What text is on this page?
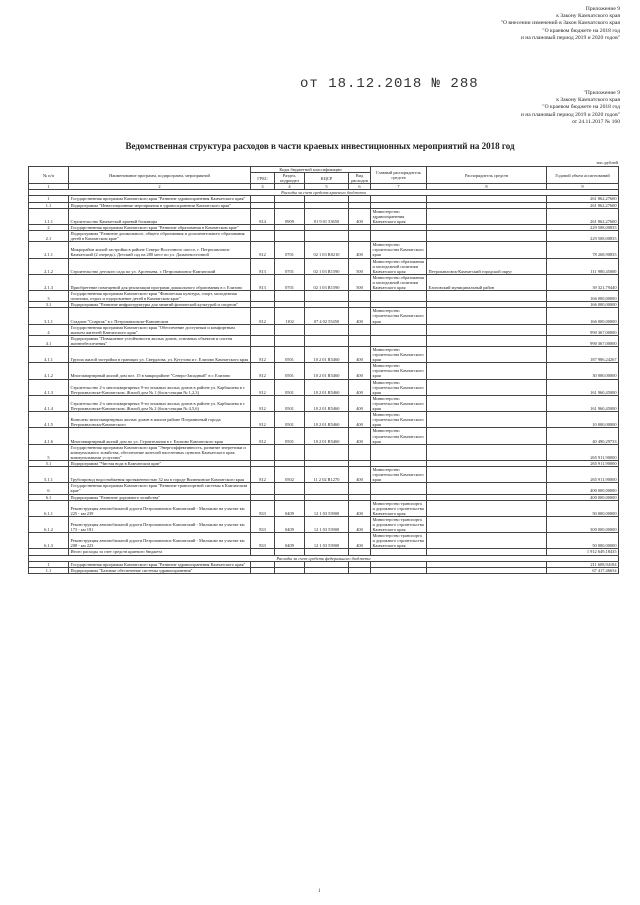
Приложение 9
к Закону Камчатского края
"О внесении изменений в Закон Камчатского края
"О краевом бюджете на 2018 год
и на плановый период 2019 и 2020 годов"
от 18.12.2018 № 288
"Приложение 9
к Закону Камчатского края
"О краевом бюджете на 2018 год
и на плановый период 2019 и 2020 годов"
от 24.11.2017 № 160
Ведомственная структура расходов в части краевых инвестиционных мероприятий на 2018 год
тыс.рублей
№ п/п	Наименование программ, подпрограмм, мероприятий	Коды бюджетной классификации				Главный распорядитель средств	Распорядитель средств	Годовой объем ассигнований
		ГРБС	Раздел, подраздел	КЦСР	Вид расходов			
1	2	3	4	5	6	7	8	9
Расходы за счет средств краевого бюджета								
1	Государственная программа Камчатского края "Развитие здравоохранения Камчатского края"							261 862,27600
1.1	Подпрограмма "Инвестиционные мероприятия в здравоохранении Камчатского края"							261 862,27600
1.1.1	Строительство Камчатской краевой больницы	814	0909	01 9 01 53650	400	Министерство здравоохранения Камчатского края		261 862,27600
2	Государственная программа Камчатского края "Развитие образования в Камчатском крае"							229 508,00835
2.1	Подпрограмма "Развитие дошкольного, общего образования и дополнительного образования детей в Камчатском крае"							229 508,00835
2.1.1	Микрорайон жилой застройки в районе Северо-Восточного шоссе, г. Петропавловск-Камчатский (2 очередь). Детский сад на 280 мест по ул. Дальневосточной	812	0701	02 1 03 R0210	400	Министерство строительства Камчатского края		78 268,90835
2.1.2	Строительство детского сада по ул. Арсеньева, г. Петропавловск-Камчатский	813	0701	02 1 03 R1590	500	Министерство образования и молодежной политики Камчатского края	Петропавловск-Камчатский городской округ	111 980,45000
2.1.3	Приобретение помещений для реализации программ дошкольного образования в г. Елизово	813	0701	02 1 03 R1590	500	Министерство образования и молодежной политики Камчатского края	Елизовский муниципальный район	39 321,79440
3	Государственная программа Камчатского края "Физическая культура, спорт, молодежная политика, отдых и оздоровление детей в Камчатском крае"							166 000,00000
3.1	Подпрограмма "Развитие инфраструктуры для занятий физической культурой и спортом"							166 000,00000
3.1.1	Стадион "Спартак" в г. Петропавловске-Камчатском	812	1102	07 4 02 55450	400	Министерство строительства Камчатского края		166 000,00000
4	Государственная программа Камчатского края "Обеспечение доступным и комфортным жильем жителей Камчатского края"							990 367,00000
4.1	Подпрограмма "Повышение устойчивости жилых домов, основных объектов и систем жизнеобеспечения"							990 367,00000
4.1.1	Группа жилой застройки в границах ул. Свердлова, ул. Кутузова и г. Елизово Камчатского края	812	0501	10 2 01 R5460	400	Министерство строительства Камчатского края		187 986,24267
4.1.2	Многоквартирный жилой дом поз. 15 в микрорайоне "Северо-Западный" в г. Елизово	812	0501	10 2 01 R5460	400	Министерство строительства Камчатского края		30 000,00000
4.1.3	Строительство 2-х многоквартирных 9-ти этажных жилых домов в районе ул. Карбышева в г. Петропавловске-Камчатском. Жилой дом № 1 (блок-секции № 1,2,3)	812	0501	10 2 01 R5460	400	Министерство строительства Камчатского края		161 960,45000
4.1.4	Строительство 2-х многоквартирных 9-ти этажных жилых домов в районе ул. Карбышева в г. Петропавловске-Камчатском. Жилой дом № 2 (блок-секции № 4,5,6)	812	0501	10 2 01 R5460	400	Министерство строительства Камчатского края		161 960,45000
4.1.5	Комплекс многоквартирных жилых домов в жилом районе Пограничный города Петропавловска-Камчатского	812	0501	10 2 01 R5460	400	Министерство строительства Камчатского края		10 000,00000
4.1.6	Многоквартирный жилой дом по ул. Строительная в г. Елизово Камчатского края	812	0501	10 2 01 R5460	400	Министерство строительства Камчатского края		40 490,29733
5	Государственная программа Камчатского края "Энергоэффективность, развитие энергетики и коммунального хозяйства, обеспечение жителей населенных пунктов Камчатского края коммунальными услугами"							265 911,90000
5.1	Подпрограмма "Чистая вода в Камчатском крае"							265 911,90000
5.1.1	Трубопровод водоснабжения протяженностью 32 км в городе Вилючинске Камчатского края	812	0502	11 2 02 R1270	400	Министерство строительства Камчатского края		265 911,90000
6	Государственная программа Камчатского края "Развитие транспортной системы в Камчатском крае"							400 000,00000
6.1	Подпрограмма "Развитие дорожного хозяйства"							400 000,00000
6.1.1	Реконструкция автомобильной дороги Петропавловск-Камчатский - Мильково на участке км 225 - км 239	833	0409	12 1 03 53900	400	Министерство транспорта и дорожного строительства Камчатского края		50 000,00000
6.1.2	Реконструкция автомобильной дороги Петропавловск-Камчатский - Мильково на участке км 173 - км 181	833	0409	12 1 03 53900	400	Министерство транспорта и дорожного строительства Камчатского края		300 000,00000
6.1.3	Реконструкция автомобильной дороги Петропавловск-Камчатский - Мильково на участке км 208 - км 223	833	0409	12 1 03 53900	400	Министерство транспорта и дорожного строительства Камчатского края		50 000,00000
	Итого расходы за счет средств краевого бюджета							1 912 649,18435
Расходы за счет средств федерального бюджета								
1	Государственная программа Камчатского края "Развитие здравоохранения Камчатского края"							211 608,94184
1.1	Подпрограмма "Базовые обеспечение системы здравоохранения"							67 417,46654
1
